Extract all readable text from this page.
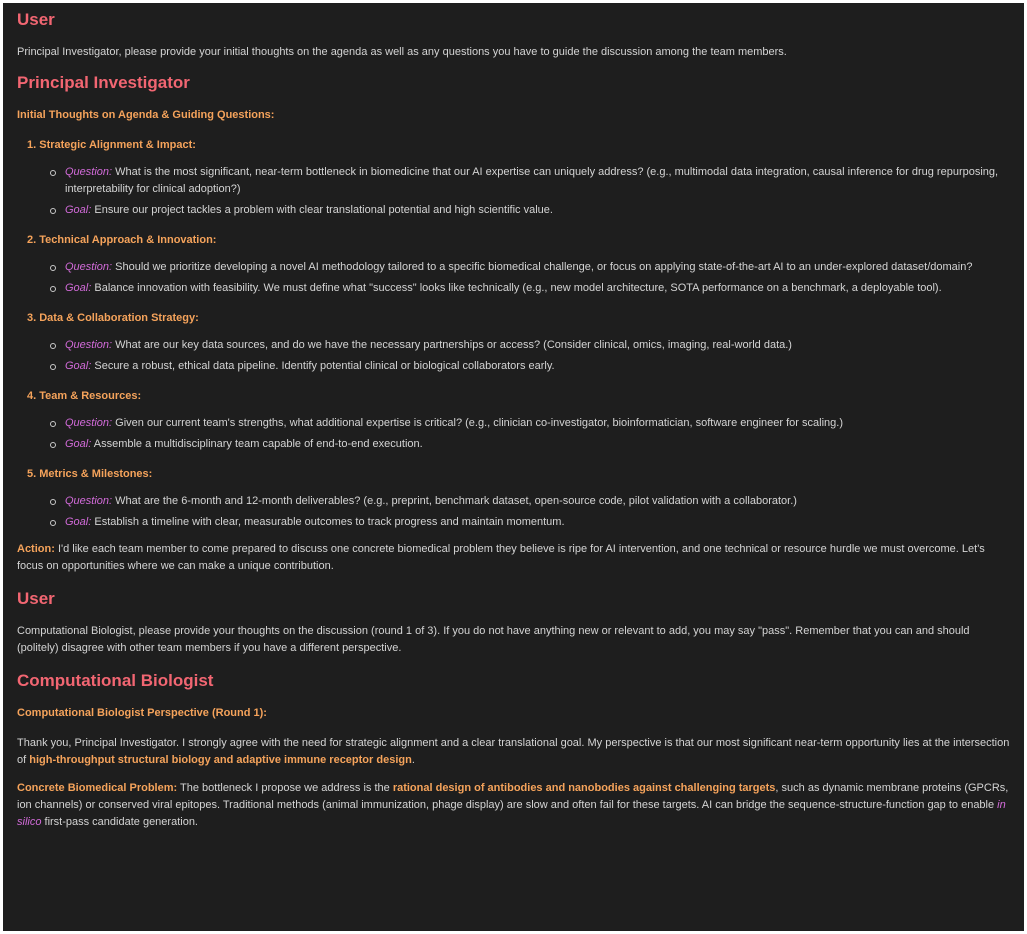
User

Principal Investigator, please provide your initial thoughts on the agenda as well as any questions you have to guide the discussion among the team members.

Principal Investigator
Initial Thoughts on Agenda & Guiding Questions:
1. Strategic Alignment & Impact:
Question: What is the most significant, near-term bottleneck in biomedicine that our AI expertise can uniquely address? (e.g., multimodal data integration, causal inference for drug repurposing, interpretability for clinical adoption?)
Goal: Ensure our project tackles a problem with clear translational potential and high scientific value.
2. Technical Approach & Innovation:
Question: Should we prioritize developing a novel AI methodology tailored to a specific biomedical challenge, or focus on applying state-of-the-art AI to an under-explored dataset/domain?
Goal: Balance innovation with feasibility. We must define what "success" looks like technically (e.g., new model architecture, SOTA performance on a benchmark, a deployable tool).
3. Data & Collaboration Strategy:
Question: What are our key data sources, and do we have the necessary partnerships or access? (Consider clinical, omics, imaging, real-world data.)
Goal: Secure a robust, ethical data pipeline. Identify potential clinical or biological collaborators early.
4. Team & Resources:
Question: Given our current team's strengths, what additional expertise is critical? (e.g., clinician co-investigator, bioinformatician, software engineer for scaling.)
Goal: Assemble a multidisciplinary team capable of end-to-end execution.
5. Metrics & Milestones:
Question: What are the 6-month and 12-month deliverables? (e.g., preprint, benchmark dataset, open-source code, pilot validation with a collaborator.)
Goal: Establish a timeline with clear, measurable outcomes to track progress and maintain momentum.

Action: I'd like each team member to come prepared to discuss one concrete biomedical problem they believe is ripe for AI intervention, and one technical or resource hurdle we must overcome. Let's focus on opportunities where we can make a unique contribution.

User

Computational Biologist, please provide your thoughts on the discussion (round 1 of 3). If you do not have anything new or relevant to add, you may say "pass". Remember that you can and should (politely) disagree with other team members if you have a different perspective.

Computational Biologist
Computational Biologist Perspective (Round 1):

Thank you, Principal Investigator. I strongly agree with the need for strategic alignment and a clear translational goal. My perspective is that our most significant near-term opportunity lies at the intersection of high-throughput structural biology and adaptive immune receptor design.

Concrete Biomedical Problem: The bottleneck I propose we address is the rational design of antibodies and nanobodies against challenging targets, such as dynamic membrane proteins (GPCRs, ion channels) or conserved viral epitopes. Traditional methods (animal immunization, phage display) are slow and often fail for these targets. AI can bridge the sequence-structure-function gap to enable in silico first-pass candidate generation.
